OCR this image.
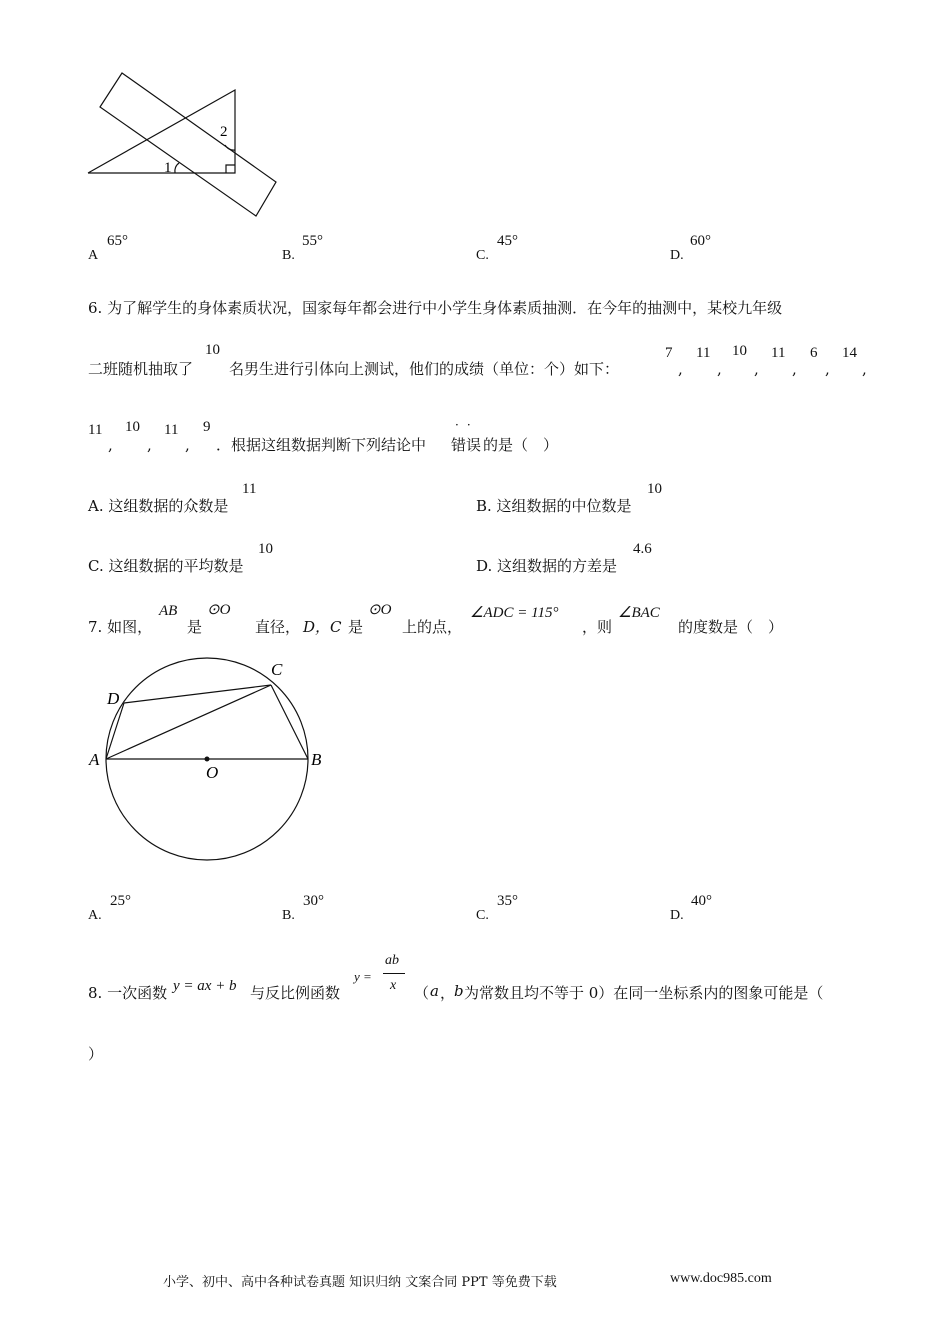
1
2
A
65°
B.
55°
C.
45°
D.
60°
6. 为了解学生的身体素质状况，国家每年都会进行中小学生身体素质抽测．在今年的抽测中，某校九年级
二班随机抽取了
10
名男生进行引体向上测试，他们的成绩（单位：个）如下：
7
,
11
,
10
,
11
,
6
,
14
,
11
,
10
,
11
,
9
．根据这组数据判断下列结论中
··
错误 的是（　）
A. 这组数据的众数是
11
B. 这组数据的中位数是
10
C. 这组数据的平均数是
10
D. 这组数据的方差是
4.6
7. 如图，
AB
是
⊙O
直径， D，C 是
⊙O
上的点，
∠ADC = 115°
，则
∠BAC
的度数是（　）
A	B
C
D
O
A.
25°
B.
30°
C.
35°
D.
40°
8. 一次函数 y = ax + b 与反比例函数
y =
ab
x （ a ，
b 为常数且均不等于 0）在同一坐标系内的图象可能是（
）
小学、初中、高中各种试卷真题 知识归纳 文案合同 PPT 等免费下载	www.doc985.com
